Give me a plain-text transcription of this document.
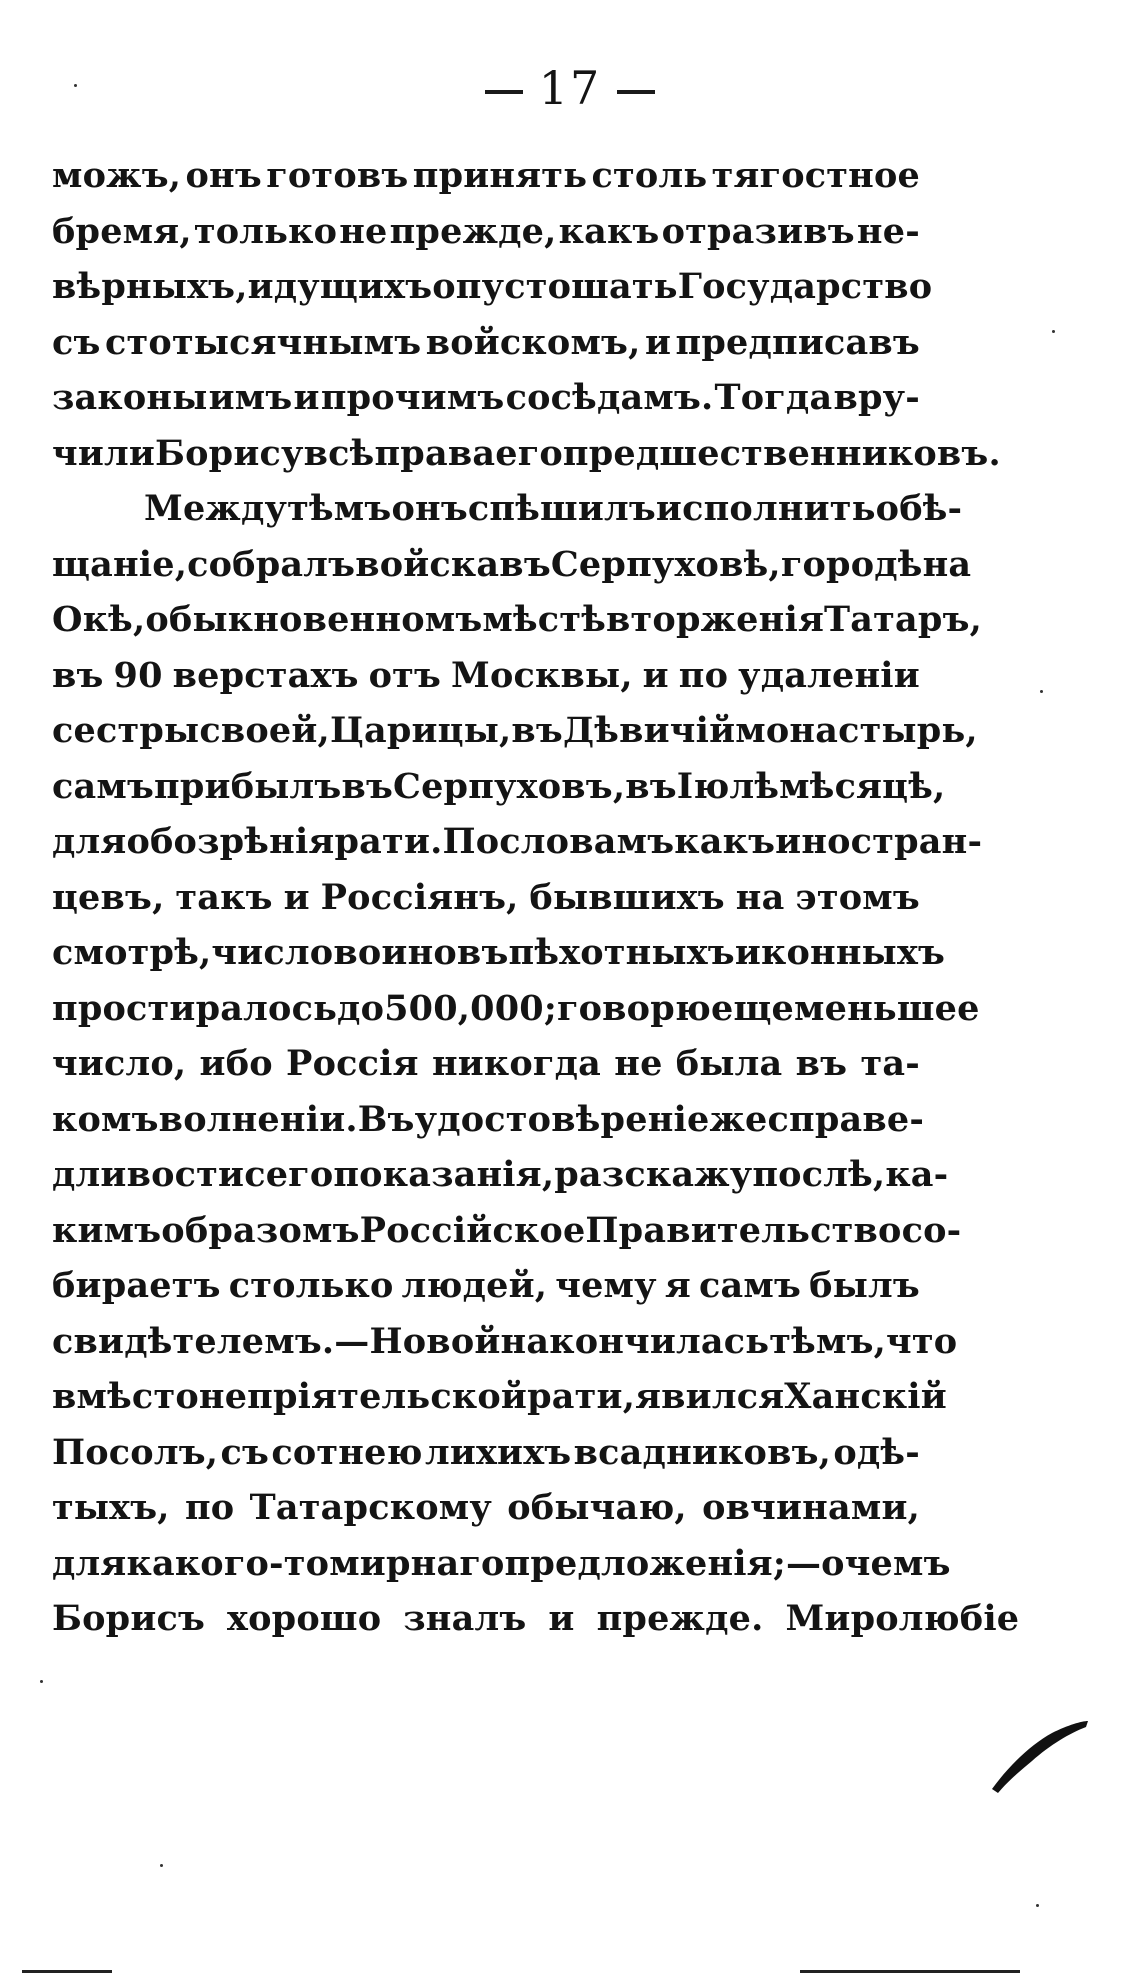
17
можъ, онъ готовъ принять столь тягостное
бремя, только не прежде, какъ отразивъ не-
вѣрныхъ, идущихъ опустошать Государство
съ стотысячнымъ войскомъ, и предписавъ
законы имъ и прочимъ сосѣдамъ. Тогда вру-
чили Борису всѣ права его предшественниковъ.
Между тѣмъ онъ спѣшилъ исполнить обѣ-
щаніе, собралъ войска въ Серпуховѣ, городѣ на
Окѣ, обыкновенномъ мѣстѣ вторженія Татаръ,
въ 90 верстахъ отъ Москвы, и по удаленіи
сестры своей, Царицы, въ Дѣвичій монастырь,
самъ прибылъ въ Серпуховъ, въ Іюлѣ мѣсяцѣ,
для обозрѣнія рати. По словамъ какъ иностран-
цевъ, такъ и Россіянъ, бывшихъ на этомъ
смотрѣ, число воиновъ пѣхотныхъ и конныхъ
простиралось до 500,000; говорю еще меньшее
число, ибо Россія никогда не была въ та-
комъ волненіи. Въ удостовѣреніе же справе-
дливости сего показанія, разскажу послѣ, ка-
кимъ образомъ Россійское Правительство со-
бираетъ столько людей, чему я самъ былъ
свидѣтелемъ. — Но война кончилась тѣмъ, что
вмѣсто непріятельской рати, явился Ханскій
Посолъ, съ сотнею лихихъ всадниковъ, одѣ-
тыхъ, по Татарскому обычаю, овчинами,
для какого-то мирнаго предложенія; — о чемъ
Борисъ хорошо зналъ и прежде. Миролюбіе
